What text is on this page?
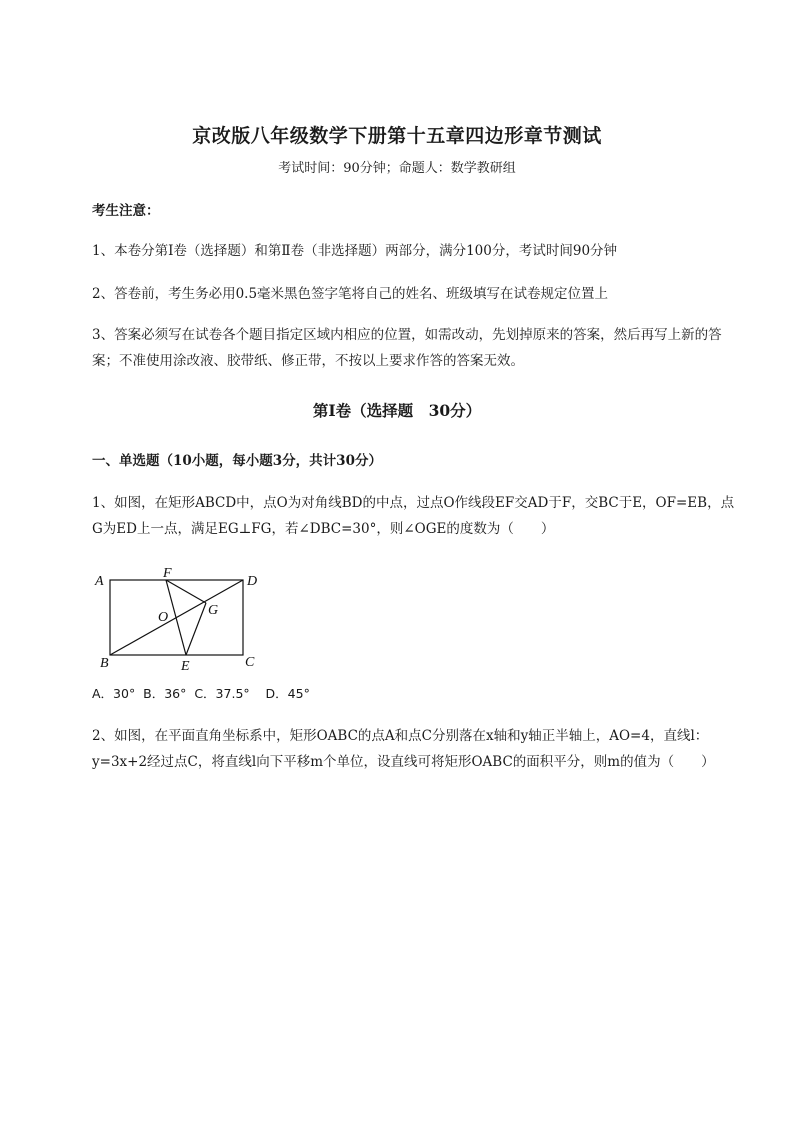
京改版八年级数学下册第十五章四边形章节测试
考试时间：90分钟；命题人：数学教研组
考生注意：
1、本卷分第I卷（选择题）和第Ⅱ卷（非选择题）两部分，满分100分，考试时间90分钟
2、答卷前，考生务必用0.5毫米黑色签字笔将自己的姓名、班级填写在试卷规定位置上
3、答案必须写在试卷各个题目指定区域内相应的位置，如需改动，先划掉原来的答案，然后再写上新的答案；不准使用涂改液、胶带纸、修正带，不按以上要求作答的答案无效。
第I卷（选择题　30分）
一、单选题（10小题，每小题3分，共计30分）
1、如图，在矩形ABCD中，点O为对角线BD的中点，过点O作线段EF交AD于F，交BC于E，OF=EB，点G为ED上一点，满足EG⊥FG，若∠DBC=30°，则∠OGE的度数为（　　）
A
F
D
O	G
B	E	C
A．30°  B．36°  C．37.5°    D．45°
2、如图，在平面直角坐标系中，矩形OABC的点A和点C分别落在x轴和y轴正半轴上，AO=4，直线l：y=3x+2经过点C，将直线l向下平移m个单位，设直线可将矩形OABC的面积平分，则m的值为（　　）
